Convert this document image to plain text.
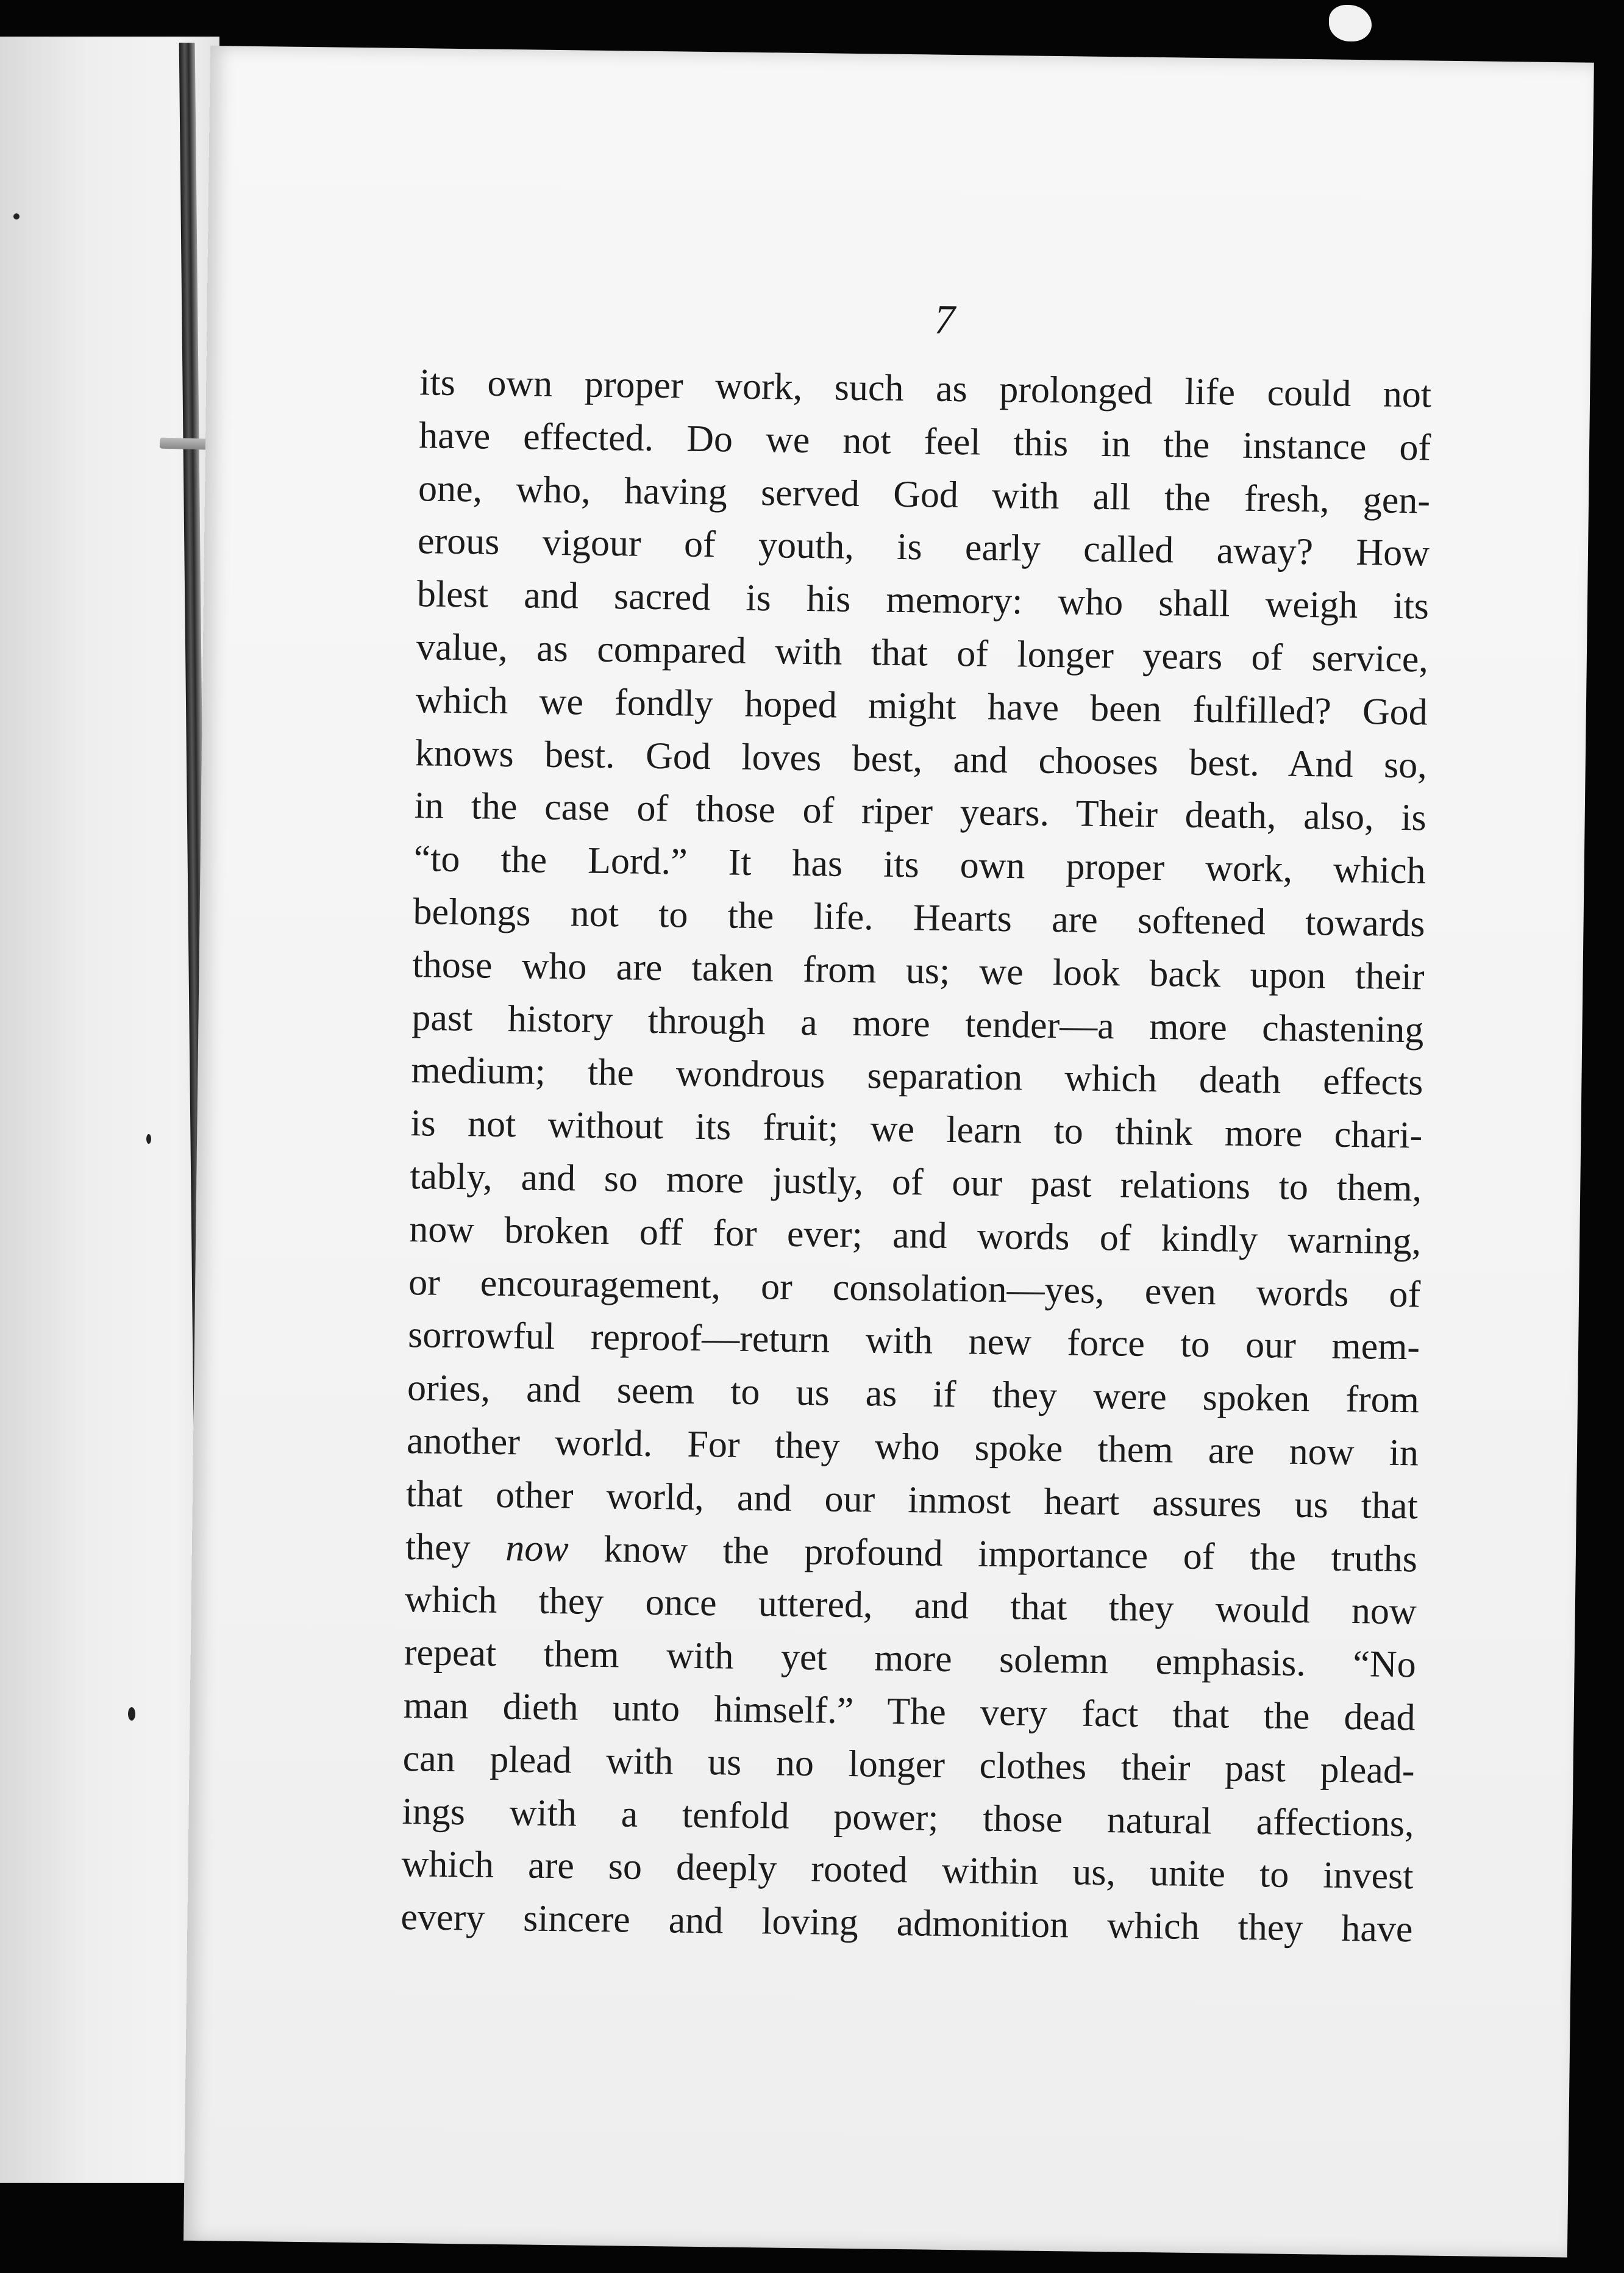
7
its own proper work, such as prolonged life could not
have effected. Do we not feel this in the instance of
one, who, having served God with all the fresh, gen-
erous vigour of youth, is early called away? How
blest and sacred is his memory: who shall weigh its
value, as compared with that of longer years of service,
which we fondly hoped might have been fulfilled? God
knows best. God loves best, and chooses best. And so,
in the case of those of riper years. Their death, also, is
“to the Lord.” It has its own proper work, which
belongs not to the life. Hearts are softened towards
those who are taken from us; we look back upon their
past history through a more tender—a more chastening
medium; the wondrous separation which death effects
is not without its fruit; we learn to think more chari-
tably, and so more justly, of our past relations to them,
now broken off for ever; and words of kindly warning,
or encouragement, or consolation—yes, even words of
sorrowful reproof—return with new force to our mem-
ories, and seem to us as if they were spoken from
another world. For they who spoke them are now in
that other world, and our inmost heart assures us that
they now know the profound importance of the truths
which they once uttered, and that they would now
repeat them with yet more solemn emphasis. “No
man dieth unto himself.” The very fact that the dead
can plead with us no longer clothes their past plead-
ings with a tenfold power; those natural affections,
which are so deeply rooted within us, unite to invest
every sincere and loving admonition which they have
